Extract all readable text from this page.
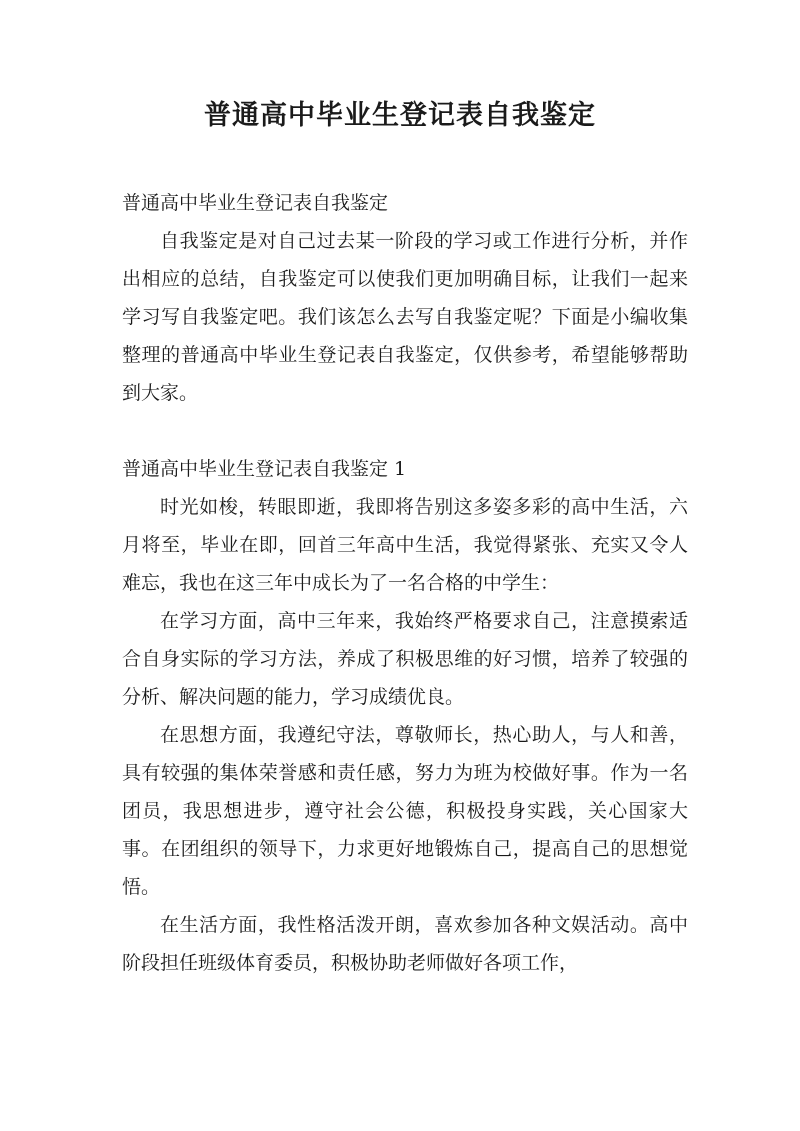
普通高中毕业生登记表自我鉴定

普通高中毕业生登记表自我鉴定

自我鉴定是对自己过去某一阶段的学习或工作进行分析，并作出相应的总结，自我鉴定可以使我们更加明确目标，让我们一起来学习写自我鉴定吧。我们该怎么去写自我鉴定呢？下面是小编收集整理的普通高中毕业生登记表自我鉴定，仅供参考，希望能够帮助到大家。

普通高中毕业生登记表自我鉴定 1

时光如梭，转眼即逝，我即将告别这多姿多彩的高中生活，六月将至，毕业在即，回首三年高中生活，我觉得紧张、充实又令人难忘，我也在这三年中成长为了一名合格的中学生：

在学习方面，高中三年来，我始终严格要求自己，注意摸索适合自身实际的学习方法，养成了积极思维的好习惯，培养了较强的分析、解决问题的能力，学习成绩优良。

在思想方面，我遵纪守法，尊敬师长，热心助人，与人和善，具有较强的集体荣誉感和责任感，努力为班为校做好事。作为一名团员，我思想进步，遵守社会公德，积极投身实践，关心国家大事。在团组织的领导下，力求更好地锻炼自己，提高自己的思想觉悟。

在生活方面，我性格活泼开朗，喜欢参加各种文娱活动。高中阶段担任班级体育委员，积极协助老师做好各项工作，
